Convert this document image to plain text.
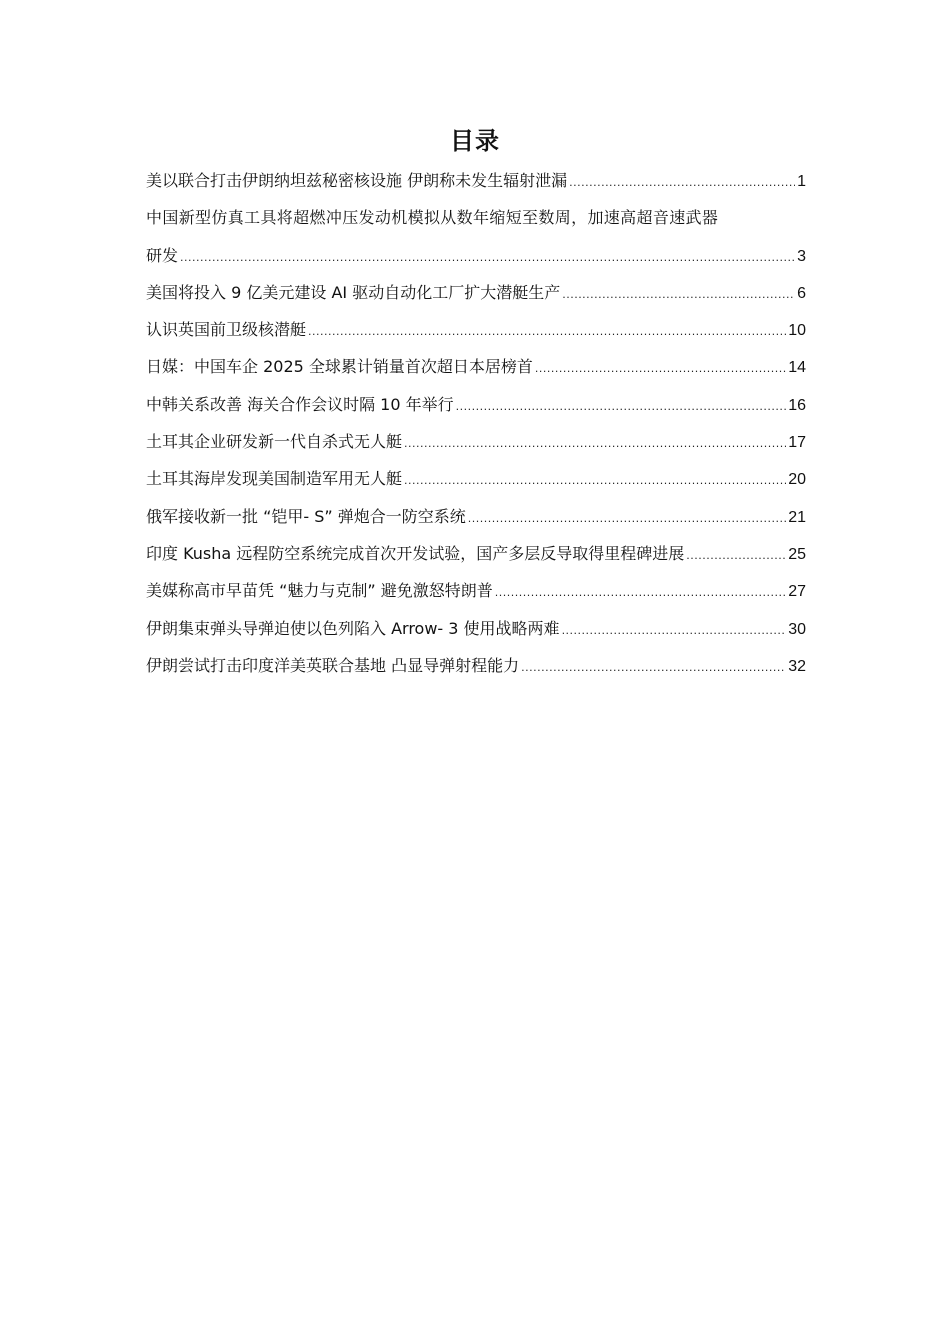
目录
美以联合打击伊朗纳坦兹秘密核设施 伊朗称未发生辐射泄漏 .....	1
中国新型仿真工具将超燃冲压发动机模拟从数年缩短至数周，加速高超音速武器
研发 .....	3
美国将投入 9 亿美元建设 AI 驱动自动化工厂扩大潜艇生产 .....	6
认识英国前卫级核潜艇 .....	10
日媒：中国车企 2025 全球累计销量首次超日本居榜首 .....	14
中韩关系改善 海关合作会议时隔 10 年举行 .....	16
土耳其企业研发新一代自杀式无人艇 .....	17
土耳其海岸发现美国制造军用无人艇 .....	20
俄军接收新一批 “铠甲- S” 弹炮合一防空系统 .....	21
印度 Kusha 远程防空系统完成首次开发试验，国产多层反导取得里程碑进展 .....	25
美媒称高市早苗凭 “魅力与克制” 避免激怒特朗普 .....	27
伊朗集束弹头导弹迫使以色列陷入 Arrow- 3 使用战略两难 .....	30
伊朗尝试打击印度洋美英联合基地 凸显导弹射程能力 .....	32
